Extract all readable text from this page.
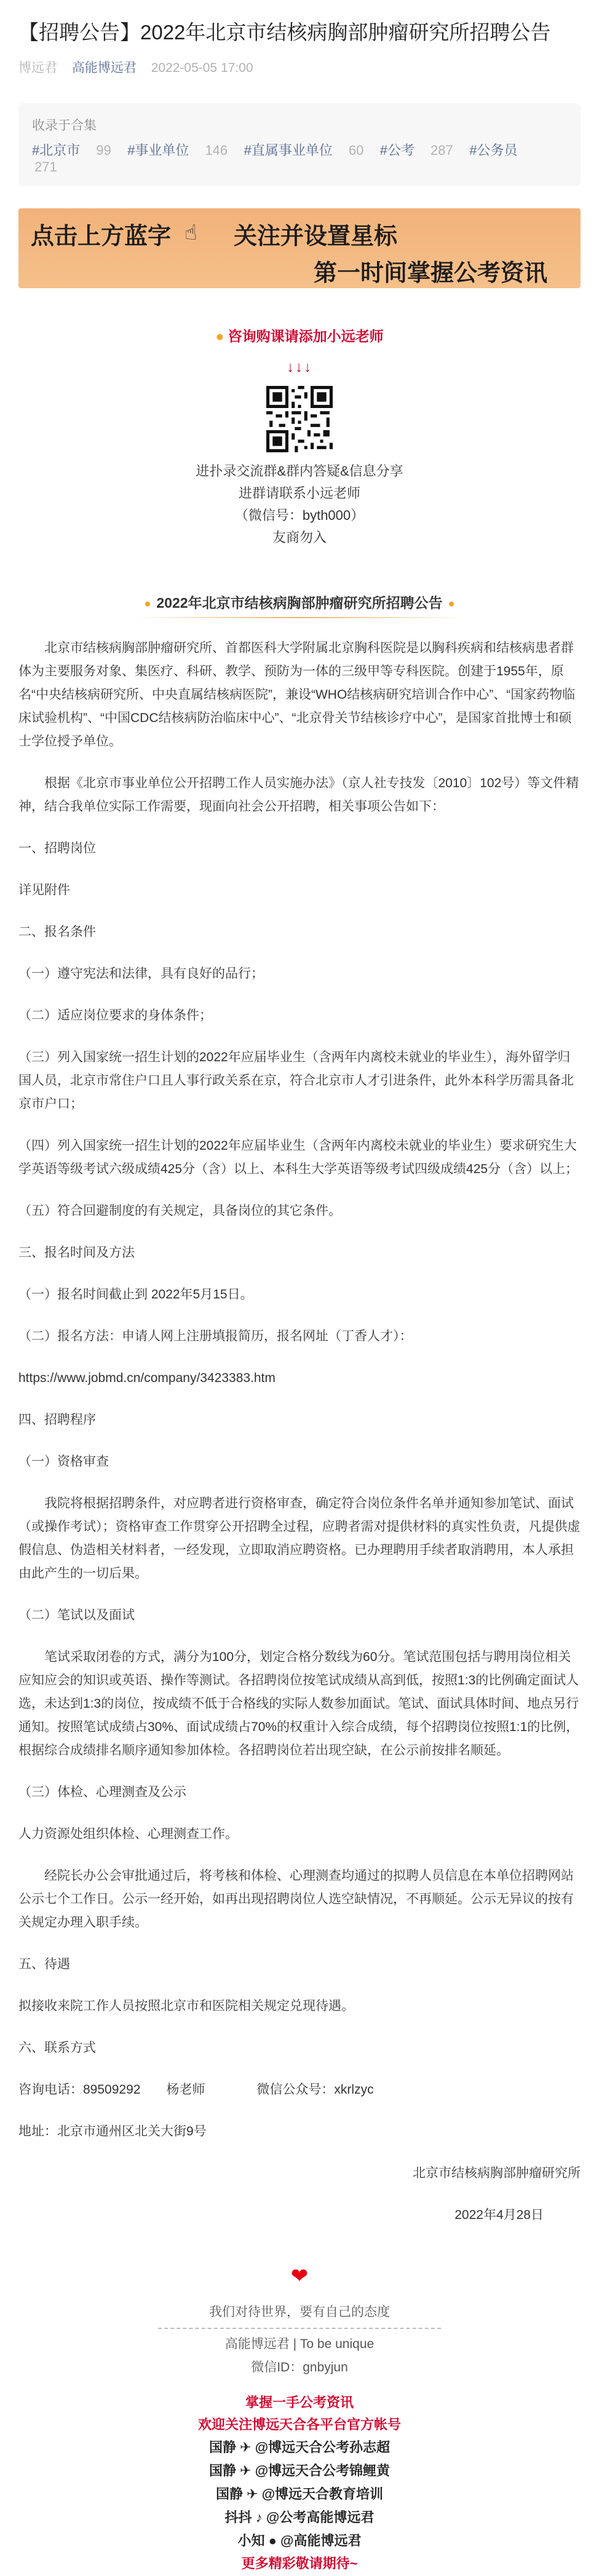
【招聘公告】2022年北京市结核病胸部肿瘤研究所招聘公告
博远君 高能博远君 2022-05-05 17:00
收录于合集
#北京市 99 #事业单位 146 #直属事业单位 60 #公考 287 #公务员271
点击上方蓝字 ☝ 关注并设置星标
第一时间掌握公考资讯
● 咨询购课请添加小远老师
↓↓↓
进扑录交流群&群内答疑&信息分享
进群请联系小远老师
（微信号：byth000）
友商勿入
2022年北京市结核病胸部肿瘤研究所招聘公告

北京市结核病胸部肿瘤研究所、首都医科大学附属北京胸科医院是以胸科疾病和结核病患者群体为主要服务对象、集医疗、科研、教学、预防为一体的三级甲等专科医院。创建于1955年，原名“中央结核病研究所、中央直属结核病医院”，兼设“WHO结核病研究培训合作中心”、“国家药物临床试验机构”、“中国CDC结核病防治临床中心”、“北京骨关节结核诊疗中心”，是国家首批博士和硕士学位授予单位。

根据《北京市事业单位公开招聘工作人员实施办法》（京人社专技发〔2010〕102号）等文件精神，结合我单位实际工作需要，现面向社会公开招聘，相关事项公告如下：

一、招聘岗位

详见附件

二、报名条件

（一）遵守宪法和法律，具有良好的品行；

（二）适应岗位要求的身体条件；

（三）列入国家统一招生计划的2022年应届毕业生（含两年内离校未就业的毕业生），海外留学归国人员，北京市常住户口且人事行政关系在京，符合北京市人才引进条件，此外本科学历需具备北京市户口；

（四）列入国家统一招生计划的2022年应届毕业生（含两年内离校未就业的毕业生）要求研究生大学英语等级考试六级成绩425分（含）以上、本科生大学英语等级考试四级成绩425分（含）以上；

（五）符合回避制度的有关规定，具备岗位的其它条件。

三、报名时间及方法

（一）报名时间截止到 2022年5月15日。

（二）报名方法：申请人网上注册填报简历，报名网址（丁香人才）：

https://www.jobmd.cn/company/3423383.htm

四、招聘程序

（一）资格审查

我院将根据招聘条件，对应聘者进行资格审查，确定符合岗位条件名单并通知参加笔试、面试（或操作考试）；资格审查工作贯穿公开招聘全过程，应聘者需对提供材料的真实性负责，凡提供虚假信息、伪造相关材料者，一经发现，立即取消应聘资格。已办理聘用手续者取消聘用，本人承担由此产生的一切后果。

（二）笔试以及面试

笔试采取闭卷的方式，满分为100分，划定合格分数线为60分。笔试范围包括与聘用岗位相关应知应会的知识或英语、操作等测试。各招聘岗位按笔试成绩从高到低，按照1:3的比例确定面试人选，未达到1:3的岗位，按成绩不低于合格线的实际人数参加面试。笔试、面试具体时间、地点另行通知。按照笔试成绩占30%、面试成绩占70%的权重计入综合成绩，每个招聘岗位按照1:1的比例，根据综合成绩排名顺序通知参加体检。各招聘岗位若出现空缺，在公示前按排名顺延。

（三）体检、心理测查及公示

人力资源处组织体检、心理测查工作。

经院长办公会审批通过后，将考核和体检、心理测查均通过的拟聘人员信息在本单位招聘网站公示七个工作日。公示一经开始，如再出现招聘岗位人选空缺情况，不再顺延。公示无异议的按有关规定办理入职手续。

五、待遇

拟接收来院工作人员按照北京市和医院相关规定兑现待遇。

六、联系方式

咨询电话：89509292　　杨老师　　　　微信公众号：xkrlzyc

地址：北京市通州区北关大街9号

北京市结核病胸部肿瘤研究所

2022年4月28日

❤
我们对待世界，要有自己的态度
高能博远君 | To be unique
微信ID：gnbyjun
掌握一手公考资讯
欢迎关注博远天合各平台官方帐号
国静 ✈ @博远天合公考孙志超
国静 ✈ @博远天合公考锦鲤黄
国静 ✈ @博远天合教育培训
抖抖 ♪ @公考高能博远君
小知 ● @高能博远君
更多精彩敬请期待~
